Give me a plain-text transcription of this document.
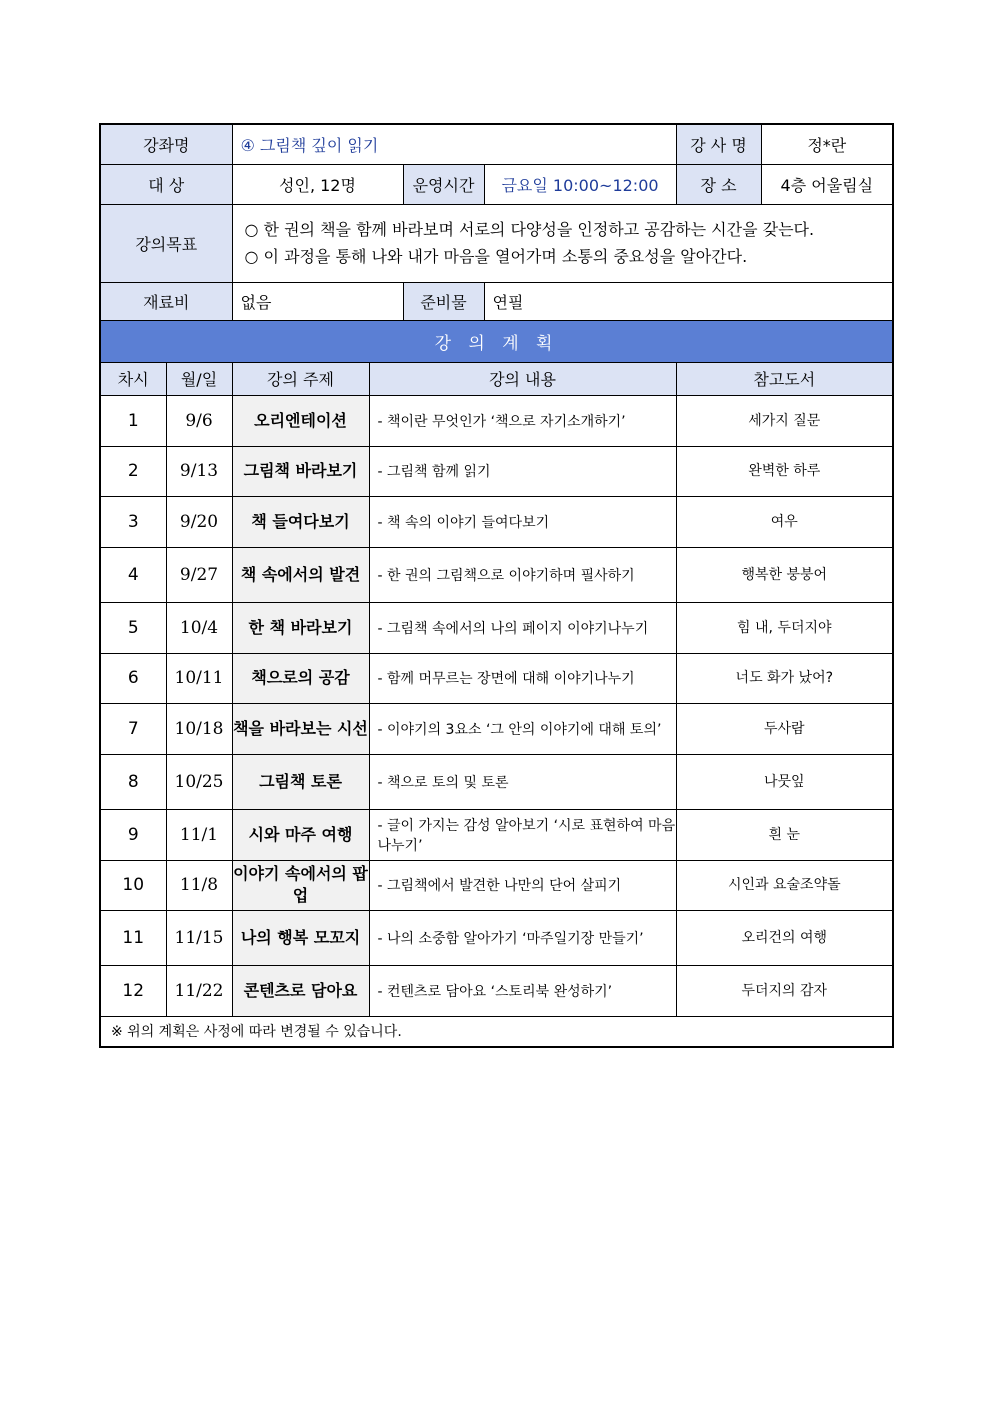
강좌명		④ 그림책 깊이 읽기				강 사 명	정*란
대 상		성인, 12명		운영시간	금요일 10:00~12:00	장 소	4층 어울림실
강의목표		○ 한 권의 책을 함께 바라보며 서로의 다양성을 인정하고 공감하는 시간을 갖는다.
○ 이 과정을 통해 나와 내가 마음을 열어가며 소통의 중요성을 알아간다.					

재료비		없음		준비물	연필		
강 의 계 획							
차시	월/일	강의 주제	강의 내용			참고도서	
1	9/6	오리엔테이션	- 책이란 무엇인가 ‘책으로 자기소개하기’			세가지 질문	
2	9/13	그림책 바라보기	- 그림책 함께 읽기			완벽한 하루	
3	9/20	책 들여다보기	- 책 속의 이야기 들여다보기			여우	
4	9/27	책 속에서의 발견	- 한 권의 그림책으로 이야기하며 필사하기			행복한 붕붕어	
5	10/4	한 책 바라보기	- 그림책 속에서의 나의 페이지 이야기나누기			힘 내, 두더지야	
6	10/11	책으로의 공감	- 함께 머무르는 장면에 대해 이야기나누기			너도 화가 났어?	
7	10/18	책을 바라보는 시선	- 이야기의 3요소 ‘그 안의 이야기에 대해 토의’			두사람	
8	10/25	그림책 토론	- 책으로 토의 및 토론			나뭇잎	
9	11/1	시와 마주 여행	- 글이 가지는 감성 알아보기 ‘시로 표현하여 마음 나누기’			흰 눈	
10	11/8	이야기 속에서의 팝업	- 그림책에서 발견한 나만의 단어 살피기			시인과 요술조약돌	
11	11/15	나의 행복 모꼬지	- 나의 소중함 알아가기 ‘마주일기장 만들기’			오리건의 여행	
12	11/22	콘텐츠로 담아요	- 컨텐츠로 담아요 ‘스토리북 완성하기’			두더지의 감자	
※ 위의 계획은 사정에 따라 변경될 수 있습니다.							
